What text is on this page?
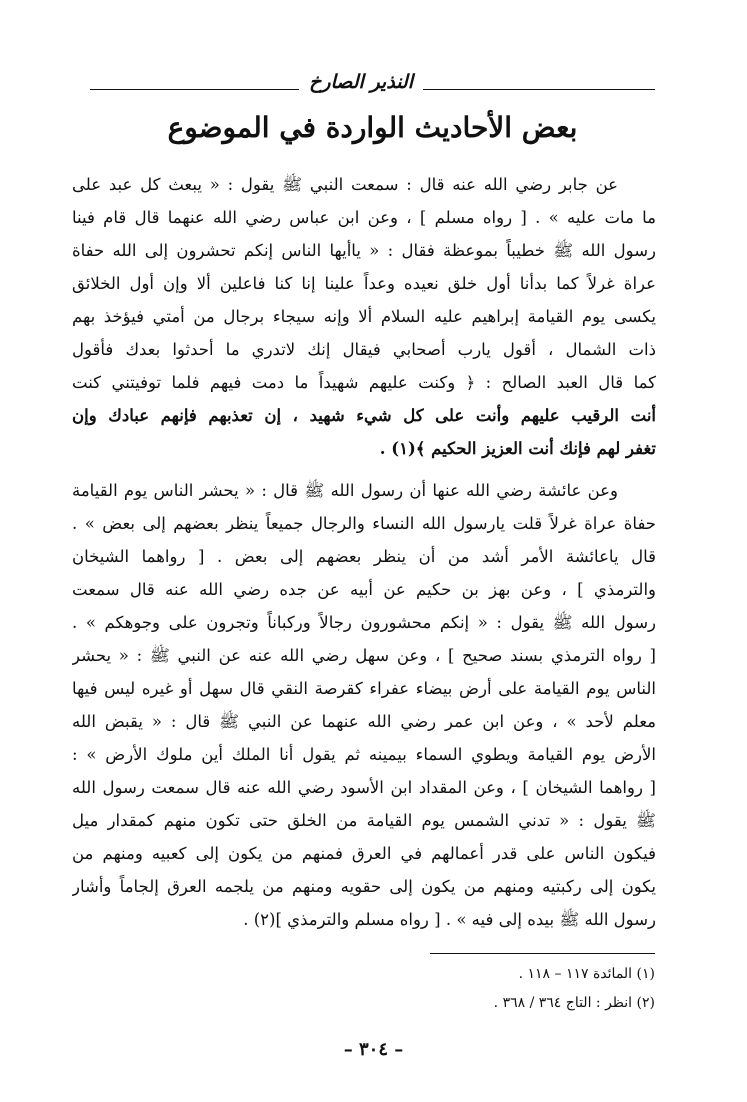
النذير الصارخ
بعض الأحاديث الواردة في الموضوع
عن جابر رضي الله عنه قال : سمعت النبي ﷺ يقول : « يبعث كل عبد على
ما مات عليه » . [ رواه مسلم ] ، وعن ابن عباس رضي الله عنهما قال قام فينا
رسول الله ﷺ خطيباً بموعظة فقال : « ياأيها الناس إنكم تحشرون إلى الله حفاة
عراة غرلاً كما بدأنا أول خلق نعيده وعداً علينا إنا كنا فاعلين ألا وإن أول الخلائق
يكسى يوم القيامة إبراهيم عليه السلام ألا وإنه سيجاء برجال من أمتي فيؤخذ بهم
ذات الشمال ، أقول يارب أصحابي فيقال إنك لاتدري ما أحدثوا بعدك فأقول
كما قال العبد الصالح : ﴿ وكنت عليهم شهيداً ما دمت فيهم فلما توفيتني كنت
أنت الرقيب عليهم وأنت على كل شيء شهيد ، إن تعذبهم فإنهم عبادك وإن
تغفر لهم فإنك أنت العزيز الحكيم ﴾(١) .
وعن عائشة رضي الله عنها أن رسول الله ﷺ قال : « يحشر الناس يوم القيامة
حفاة عراة غرلاً قلت يارسول الله النساء والرجال جميعاً ينظر بعضهم إلى بعض » .
قال ياعائشة الأمر أشد من أن ينظر بعضهم إلى بعض . [ رواهما الشيخان
والترمذي ] ، وعن بهز بن حكيم عن أبيه عن جده رضي الله عنه قال سمعت
رسول الله ﷺ يقول : « إنكم محشورون رجالاً وركباناً وتجرون على وجوهكم » .
[ رواه الترمذي بسند صحيح ] ، وعن سهل رضي الله عنه عن النبي ﷺ : « يحشر
الناس يوم القيامة على أرض بيضاء عفراء كقرصة النقي قال سهل أو غيره ليس فيها
معلم لأحد » ، وعن ابن عمر رضي الله عنهما عن النبي ﷺ قال : « يقبض الله
الأرض يوم القيامة ويطوي السماء بيمينه ثم يقول أنا الملك أين ملوك الأرض » :
[ رواهما الشيخان ] ، وعن المقداد ابن الأسود رضي الله عنه قال سمعت رسول الله
ﷺ يقول : « تدني الشمس يوم القيامة من الخلق حتى تكون منهم كمقدار ميل
فيكون الناس على قدر أعمالهم في العرق فمنهم من يكون إلى كعبيه ومنهم من
يكون إلى ركبتيه ومنهم من يكون إلى حقويه ومنهم من يلجمه العرق إلجاماً وأشار
رسول الله ﷺ بيده إلى فيه » . [ رواه مسلم والترمذي ](٢) .
(١) المائدة ١١٧ – ١١٨ .
(٢) انظر : التاج ٣٦٤ / ٣٦٨ .
– ٣٠٤ –
